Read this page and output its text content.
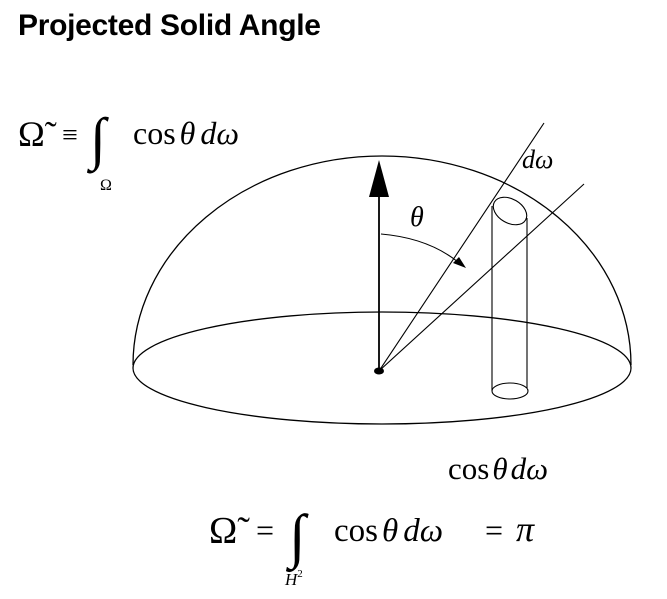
Projected Solid Angle
dω
θ
cosθdω
Ω̃ ≡ ∫
Ω
cos θ dω
Ω̃ = ∫
$H^2$
cos θ dω = π
